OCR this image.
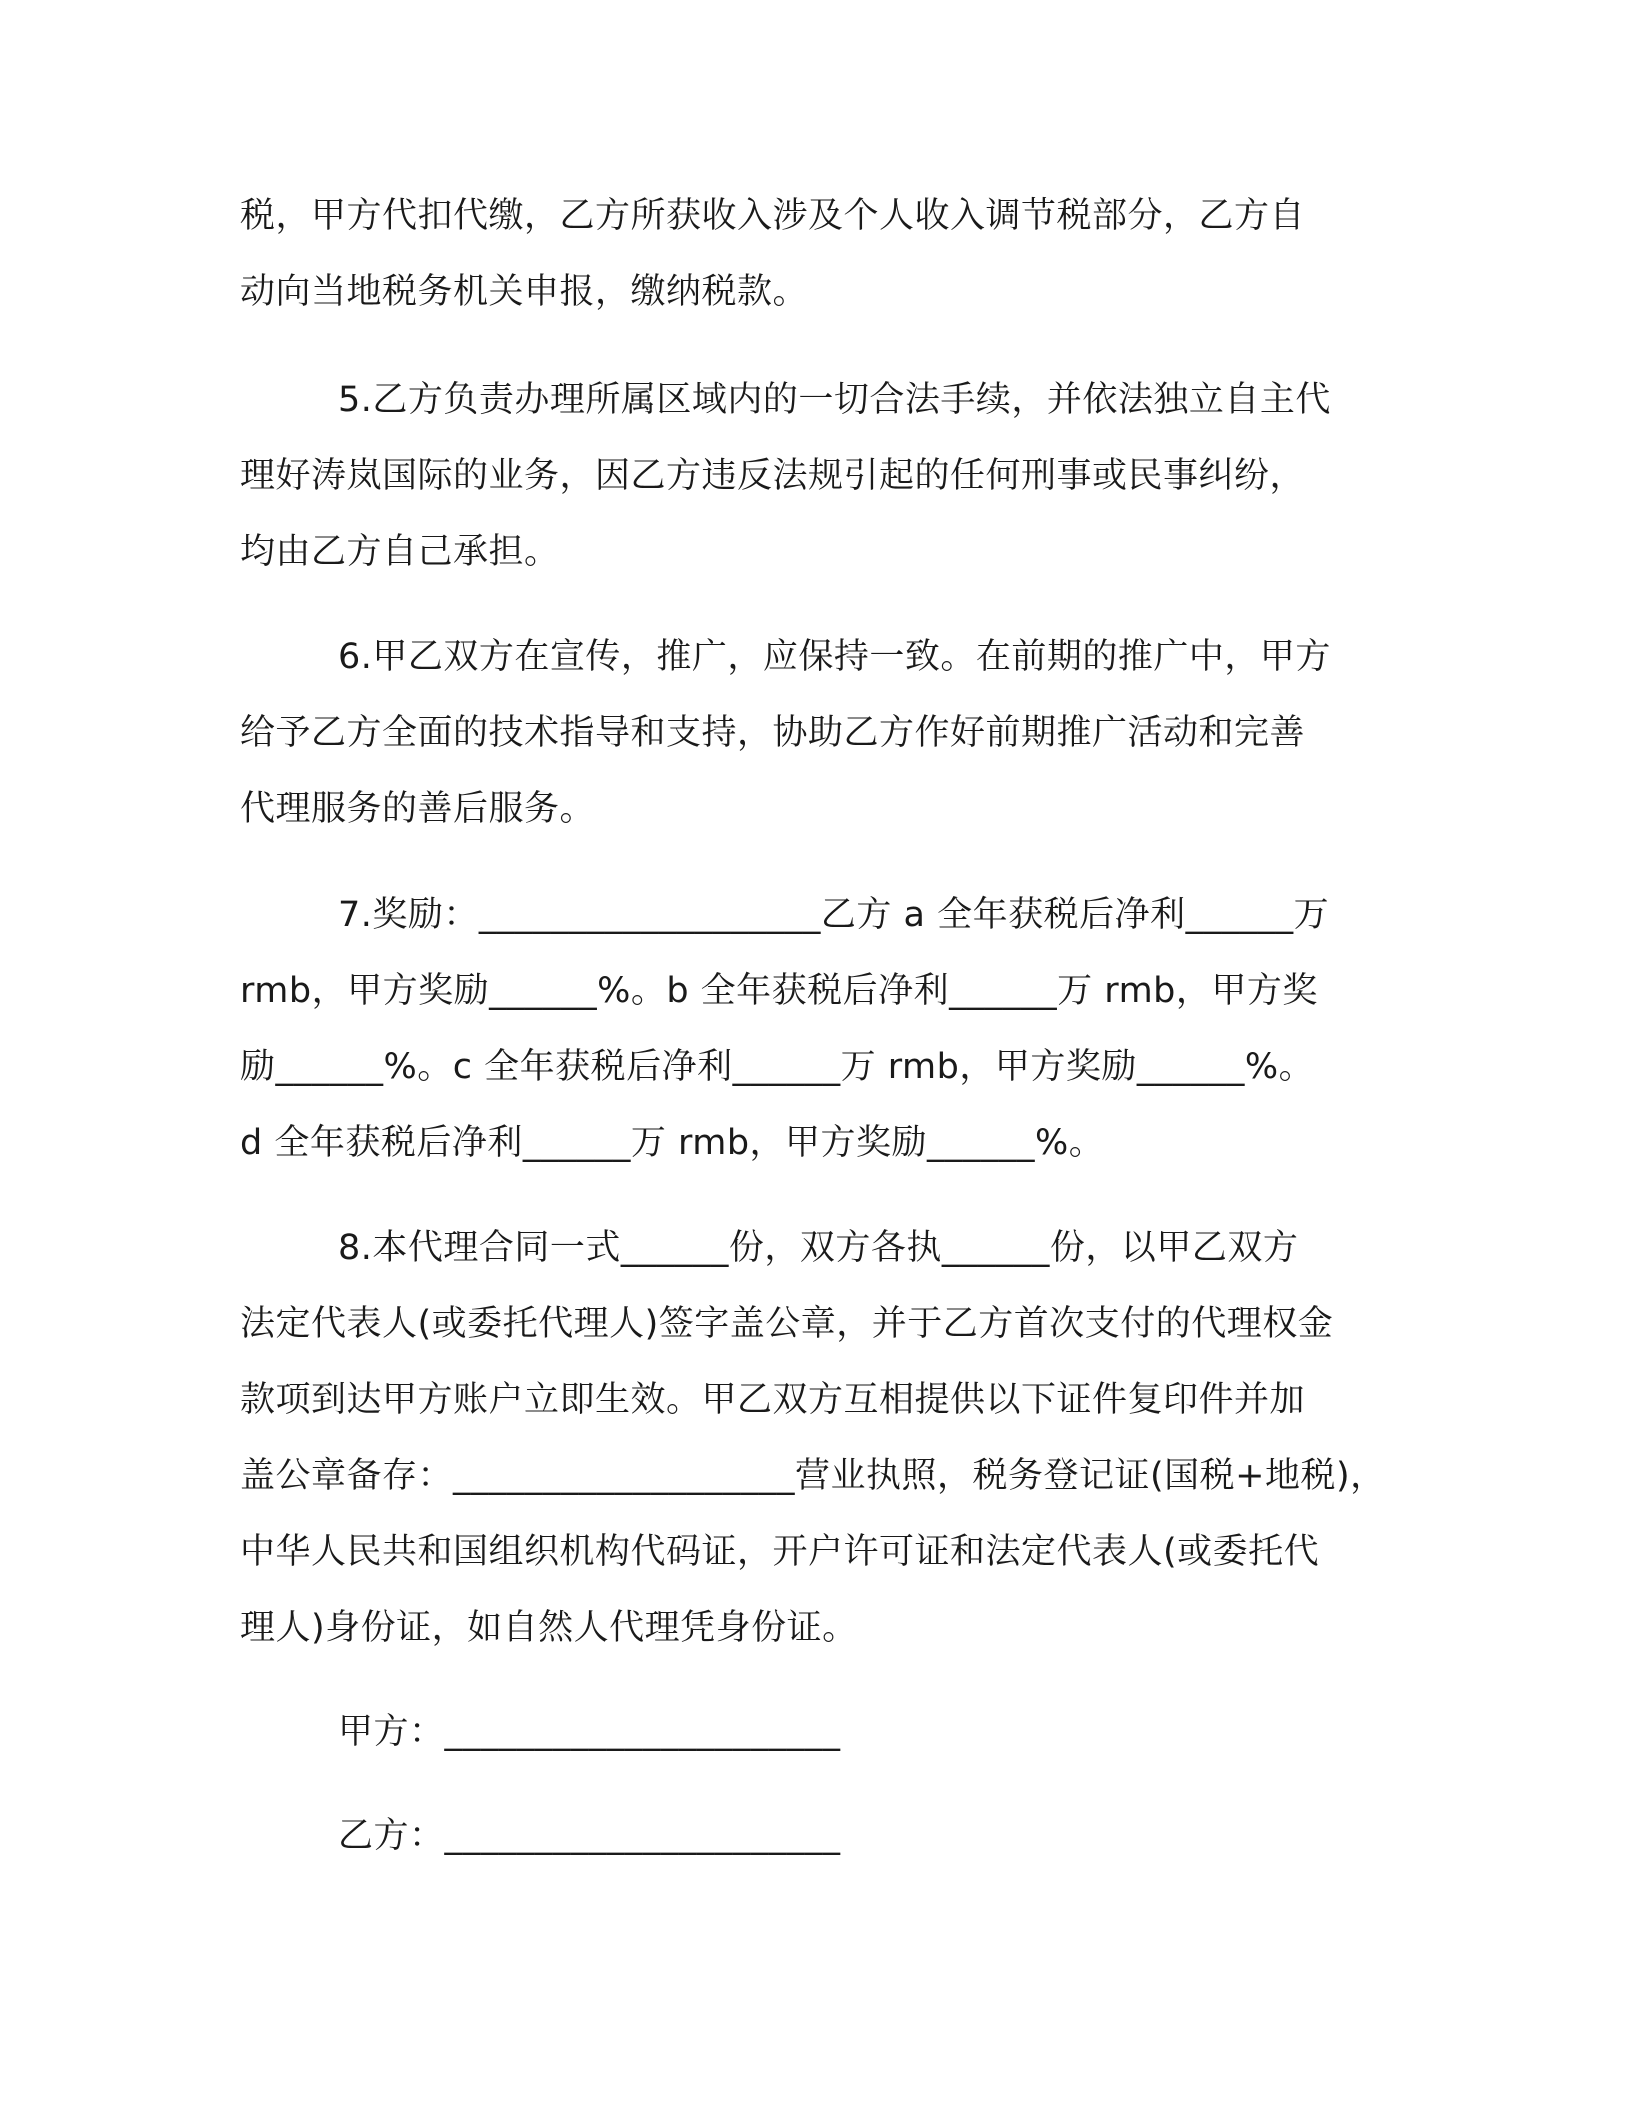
税，甲方代扣代缴，乙方所获收入涉及个人收入调节税部分，乙方自
动向当地税务机关申报，缴纳税款。
5.乙方负责办理所属区域内的一切合法手续，并依法独立自主代
理好涛岚国际的业务，因乙方违反法规引起的任何刑事或民事纠纷，
均由乙方自己承担。
6.甲乙双方在宣传，推广，应保持一致。在前期的推广中，甲方
给予乙方全面的技术指导和支持，协助乙方作好前期推广活动和完善
代理服务的善后服务。
7.奖励：___________________乙方 a 全年获税后净利______万
rmb，甲方奖励______%。b 全年获税后净利______万 rmb，甲方奖
励______%。c 全年获税后净利______万 rmb，甲方奖励______%。
d 全年获税后净利______万 rmb，甲方奖励______%。
8.本代理合同一式______份，双方各执______份，以甲乙双方
法定代表人(或委托代理人)签字盖公章，并于乙方首次支付的代理权金
款项到达甲方账户立即生效。甲乙双方互相提供以下证件复印件并加
盖公章备存：___________________营业执照，税务登记证(国税+地税)，
中华人民共和国组织机构代码证，开户许可证和法定代表人(或委托代
理人)身份证，如自然人代理凭身份证。
甲方：______________________
乙方：______________________
